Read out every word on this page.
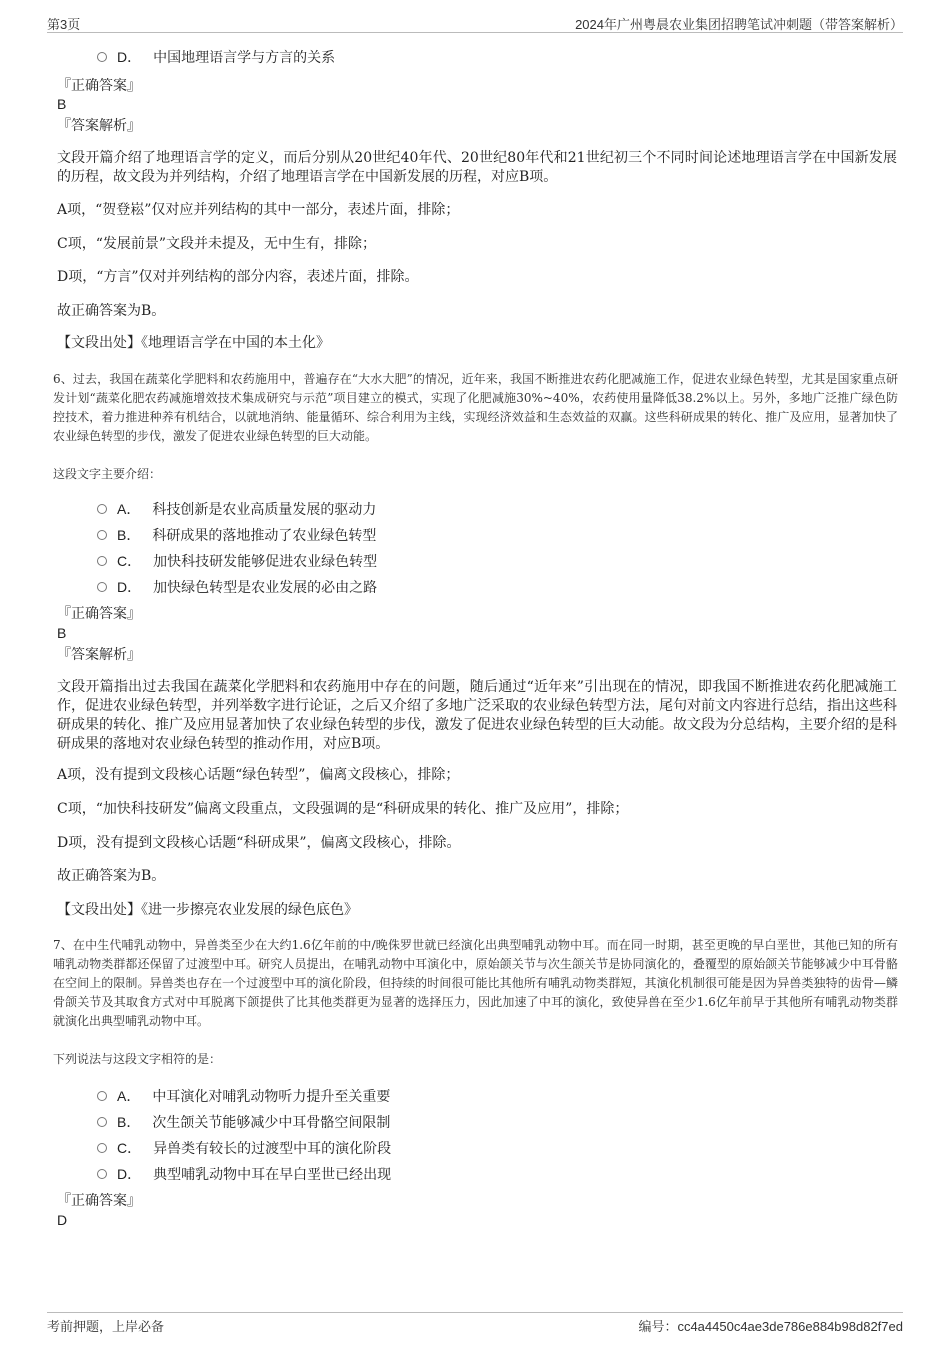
第3页	2024年广州粤晨农业集团招聘笔试冲刺题（带答案解析）
D． 中国地理语言学与方言的关系
『正确答案』
B
『答案解析』
文段开篇介绍了地理语言学的定义，而后分别从20世纪40年代、20世纪80年代和21世纪初三个不同时间论述地理语言学在中国新发展的历程，故文段为并列结构，介绍了地理语言学在中国新发展的历程，对应B项。
A项，“贺登崧”仅对应并列结构的其中一部分，表述片面，排除；
C项，“发展前景”文段并未提及，无中生有，排除；
D项，“方言”仅对并列结构的部分内容，表述片面，排除。
故正确答案为B。
【文段出处】《地理语言学在中国的本土化》
6、过去，我国在蔬菜化学肥料和农药施用中，普遍存在“大水大肥”的情况，近年来，我国不断推进农药化肥减施工作，促进农业绿色转型，尤其是国家重点研发计划“蔬菜化肥农药减施增效技术集成研究与示范”项目建立的模式，实现了化肥减施30%~40%，农药使用量降低38.2%以上。另外，多地广泛推广绿色防控技术，着力推进种养有机结合，以就地消纳、能量循环、综合利用为主线，实现经济效益和生态效益的双赢。这些科研成果的转化、推广及应用，显著加快了农业绿色转型的步伐，激发了促进农业绿色转型的巨大动能。
这段文字主要介绍：
A． 科技创新是农业高质量发展的驱动力
B． 科研成果的落地推动了农业绿色转型
C． 加快科技研发能够促进农业绿色转型
D． 加快绿色转型是农业发展的必由之路
『正确答案』
B
『答案解析』
文段开篇指出过去我国在蔬菜化学肥料和农药施用中存在的问题，随后通过“近年来”引出现在的情况，即我国不断推进农药化肥减施工作，促进农业绿色转型，并列举数字进行论证，之后又介绍了多地广泛采取的农业绿色转型方法，尾句对前文内容进行总结，指出这些科研成果的转化、推广及应用显著加快了农业绿色转型的步伐，激发了促进农业绿色转型的巨大动能。故文段为分总结构，主要介绍的是科研成果的落地对农业绿色转型的推动作用，对应B项。
A项，没有提到文段核心话题“绿色转型”，偏离文段核心，排除；
C项，“加快科技研发”偏离文段重点，文段强调的是“科研成果的转化、推广及应用”，排除；
D项，没有提到文段核心话题“科研成果”，偏离文段核心，排除。
故正确答案为B。
【文段出处】《进一步擦亮农业发展的绿色底色》
7、在中生代哺乳动物中，异兽类至少在大约1.6亿年前的中/晚侏罗世就已经演化出典型哺乳动物中耳。而在同一时期，甚至更晚的早白垩世，其他已知的所有哺乳动物类群都还保留了过渡型中耳。研究人员提出，在哺乳动物中耳演化中，原始颌关节与次生颌关节是协同演化的，叠覆型的原始颌关节能够减少中耳骨骼在空间上的限制。异兽类也存在一个过渡型中耳的演化阶段，但持续的时间很可能比其他所有哺乳动物类群短，其演化机制很可能是因为异兽类独特的齿骨—鳞骨颌关节及其取食方式对中耳脱离下颌提供了比其他类群更为显著的选择压力，因此加速了中耳的演化，致使异兽在至少1.6亿年前早于其他所有哺乳动物类群就演化出典型哺乳动物中耳。
下列说法与这段文字相符的是：
A． 中耳演化对哺乳动物听力提升至关重要
B． 次生颌关节能够减少中耳骨骼空间限制
C． 异兽类有较长的过渡型中耳的演化阶段
D． 典型哺乳动物中耳在早白垩世已经出现
『正确答案』
D
考前押题，上岸必备	编号：cc4a4450c4ae3de786e884b98d82f7ed
